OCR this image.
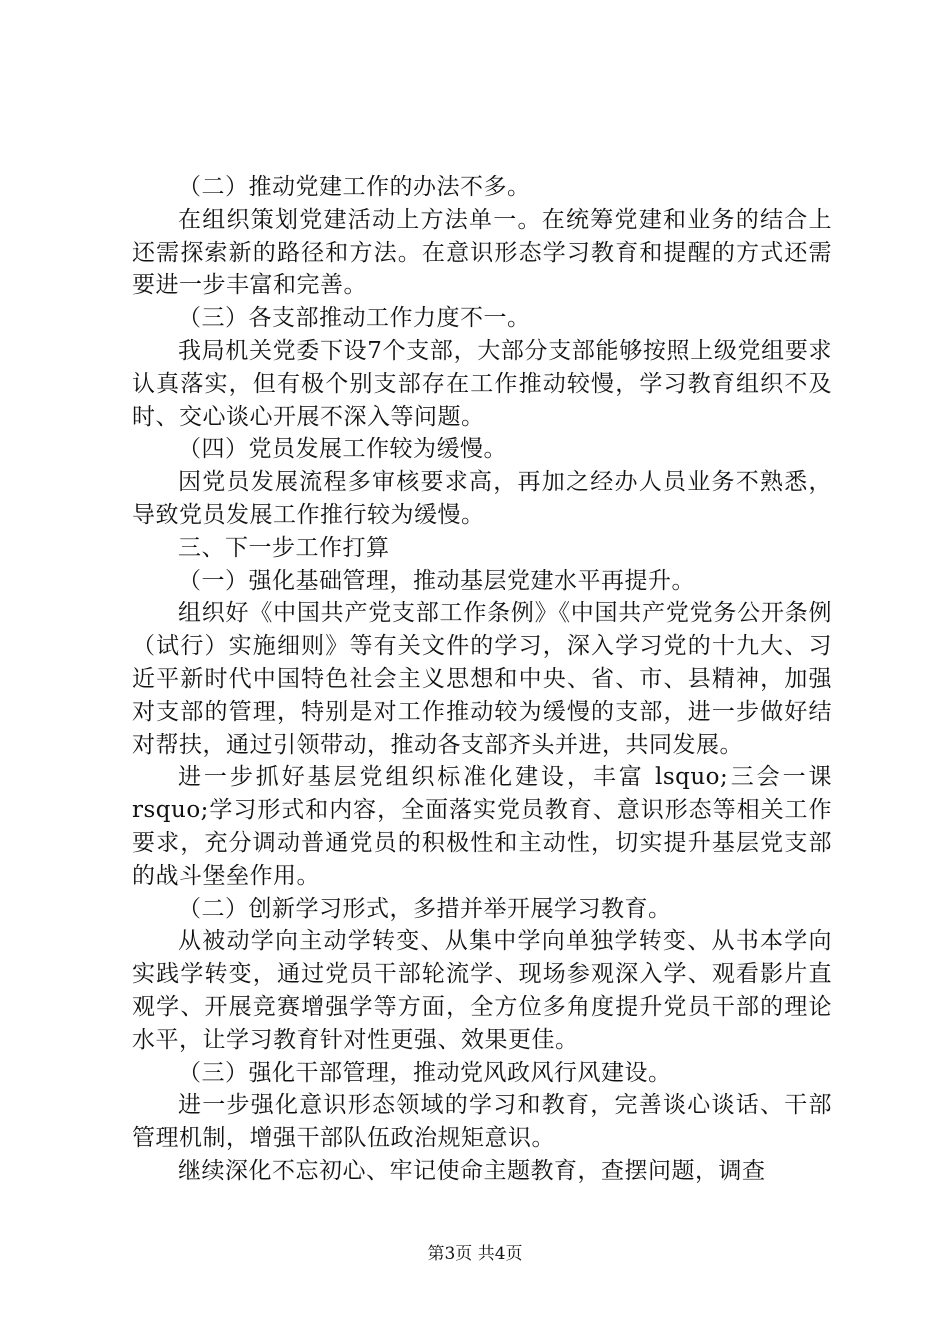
（二）推动党建工作的办法不多。

在组织策划党建活动上方法单一。在统筹党建和业务的结合上还需探索新的路径和方法。在意识形态学习教育和提醒的方式还需要进一步丰富和完善。

（三）各支部推动工作力度不一。

我局机关党委下设7个支部，大部分支部能够按照上级党组要求认真落实，但有极个别支部存在工作推动较慢，学习教育组织不及时、交心谈心开展不深入等问题。

（四）党员发展工作较为缓慢。

因党员发展流程多审核要求高，再加之经办人员业务不熟悉，导致党员发展工作推行较为缓慢。

三、下一步工作打算

（一）强化基础管理，推动基层党建水平再提升。

组织好《中国共产党支部工作条例》《中国共产党党务公开条例（试行）实施细则》等有关文件的学习，深入学习党的十九大、习近平新时代中国特色社会主义思想和中央、省、市、县精神，加强对支部的管理，特别是对工作推动较为缓慢的支部，进一步做好结对帮扶，通过引领带动，推动各支部齐头并进，共同发展。

进一步抓好基层党组织标准化建设，丰富 lsquo;三会一课rsquo;学习形式和内容，全面落实党员教育、意识形态等相关工作要求，充分调动普通党员的积极性和主动性，切实提升基层党支部的战斗堡垒作用。

（二）创新学习形式，多措并举开展学习教育。

从被动学向主动学转变、从集中学向单独学转变、从书本学向实践学转变，通过党员干部轮流学、现场参观深入学、观看影片直观学、开展竞赛增强学等方面，全方位多角度提升党员干部的理论水平，让学习教育针对性更强、效果更佳。

（三）强化干部管理，推动党风政风行风建设。

进一步强化意识形态领域的学习和教育，完善谈心谈话、干部管理机制，增强干部队伍政治规矩意识。

继续深化不忘初心、牢记使命主题教育，查摆问题，调查

第3页 共4页
